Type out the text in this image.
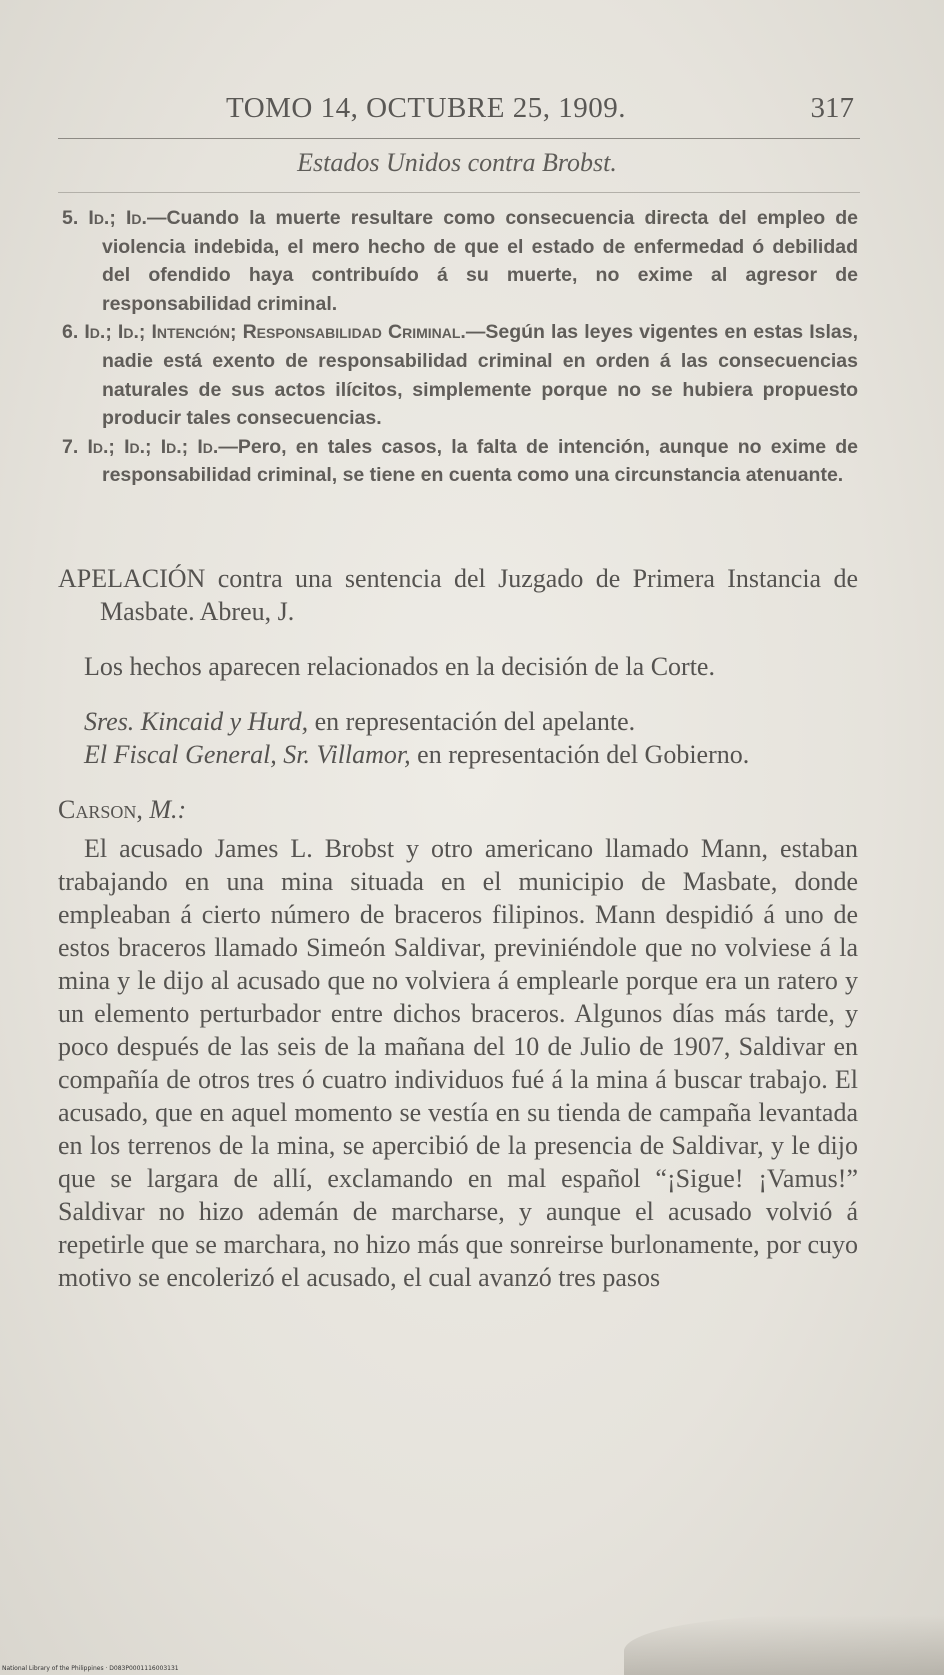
TOMO 14, OCTUBRE 25, 1909.	317
Estados Unidos contra Brobst.

5. Id.; Id.—Cuando la muerte resultare como consecuencia directa del empleo de violencia indebida, el mero hecho de que el estado de enfermedad ó debilidad del ofendido haya contribuído á su muerte, no exime al agresor de responsabilidad criminal.

6. Id.; Id.; Intención; Responsabilidad Criminal.—Según las leyes vigentes en estas Islas, nadie está exento de responsabilidad criminal en orden á las consecuencias naturales de sus actos ilícitos, simplemente porque no se hubiera propuesto producir tales consecuencias.

7. Id.; Id.; Id.; Id.—Pero, en tales casos, la falta de intención, aunque no exime de responsabilidad criminal, se tiene en cuenta como una circunstancia atenuante.

APELACIÓN contra una sentencia del Juzgado de Primera Instancia de Masbate. Abreu, J.

Los hechos aparecen relacionados en la decisión de la Corte.

Sres. Kincaid y Hurd, en representación del apelante.

El Fiscal General, Sr. Villamor, en representación del Gobierno.

Carson, M.:

El acusado James L. Brobst y otro americano llamado Mann, estaban trabajando en una mina situada en el municipio de Masbate, donde empleaban á cierto número de braceros filipinos. Mann despidió á uno de estos braceros llamado Simeón Saldivar, previniéndole que no volviese á la mina y le dijo al acusado que no volviera á emplearle porque era un ratero y un elemento perturbador entre dichos braceros. Algunos días más tarde, y poco después de las seis de la mañana del 10 de Julio de 1907, Saldivar en compañía de otros tres ó cuatro individuos fué á la mina á buscar trabajo. El acusado, que en aquel momento se vestía en su tienda de campaña levantada en los terrenos de la mina, se apercibió de la presencia de Saldivar, y le dijo que se largara de allí, exclamando en mal español “¡Sigue! ¡Vamus!” Saldivar no hizo ademán de marcharse, y aunque el acusado volvió á repetirle que se marchara, no hizo más que sonreirse burlonamente, por cuyo motivo se encolerizó el acusado, el cual avanzó tres pasos

National Library of the Philippines · D083P0001116003131
